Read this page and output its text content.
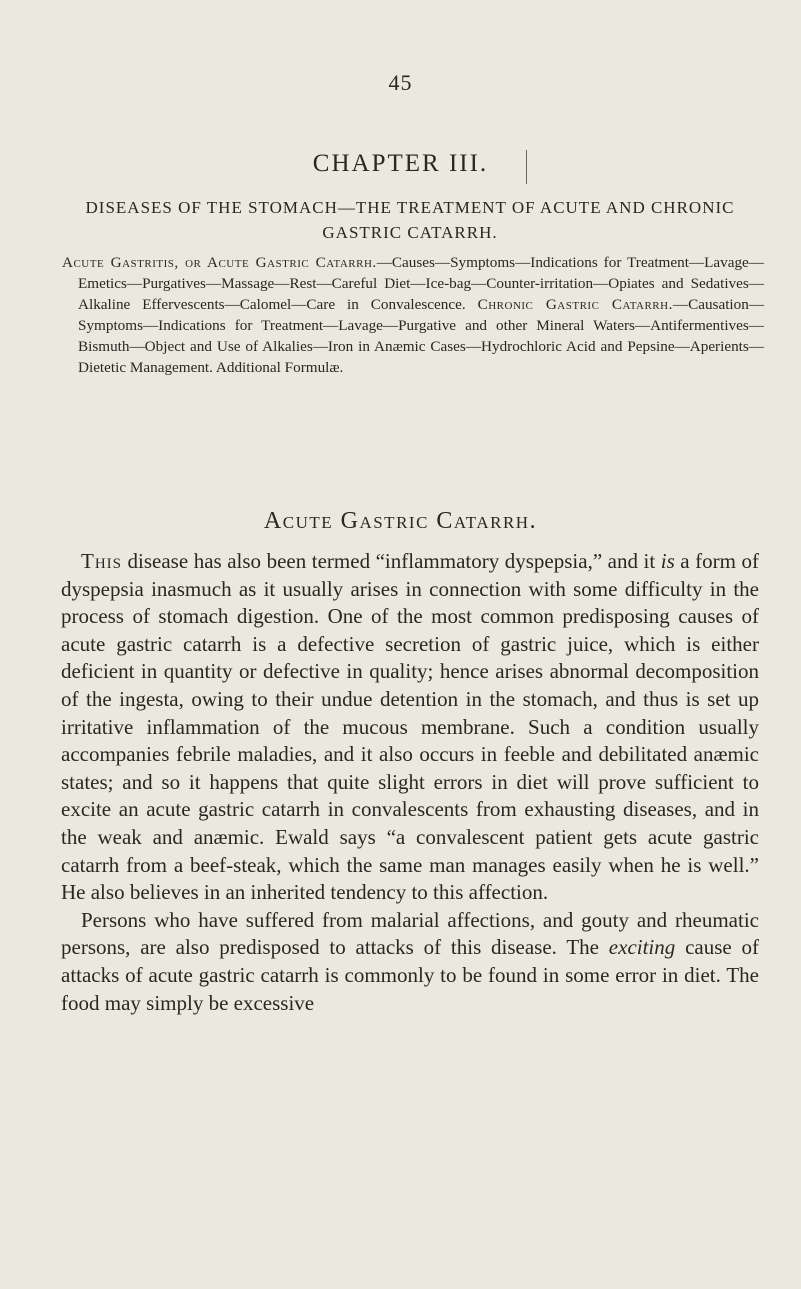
45
CHAPTER III.
DISEASES OF THE STOMACH—THE TREATMENT OF ACUTE AND CHRONIC GASTRIC CATARRH.
Acute Gastritis, or Acute Gastric Catarrh.—Causes—Symptoms—Indications for Treatment—Lavage—Emetics—Purgatives—Massage—Rest—Careful Diet—Ice-bag—Counter-irritation—Opiates and Sedatives—Alkaline Effervescents—Calomel—Care in Convalescence. Chronic Gastric Catarrh.—Causation—Symptoms—Indications for Treatment—Lavage—Purgative and other Mineral Waters—Antifermentives—Bismuth—Object and Use of Alkalies—Iron in Anæmic Cases—Hydrochloric Acid and Pepsine—Aperients—Dietetic Management. Additional Formulæ.
Acute Gastric Catarrh.

This disease has also been termed “inflammatory dyspepsia,” and it is a form of dyspepsia inasmuch as it usually arises in connection with some difficulty in the process of stomach digestion. One of the most common predisposing causes of acute gastric catarrh is a defective secretion of gastric juice, which is either deficient in quantity or defective in quality; hence arises abnormal decomposition of the ingesta, owing to their undue detention in the stomach, and thus is set up irritative inflammation of the mucous membrane. Such a condition usually accompanies febrile maladies, and it also occurs in feeble and debilitated anæmic states; and so it happens that quite slight errors in diet will prove sufficient to excite an acute gastric catarrh in convalescents from exhausting diseases, and in the weak and anæmic. Ewald says “a convalescent patient gets acute gastric catarrh from a beef-steak, which the same man manages easily when he is well.” He also believes in an inherited tendency to this affection.

Persons who have suffered from malarial affections, and gouty and rheumatic persons, are also predisposed to attacks of this disease. The exciting cause of attacks of acute gastric catarrh is commonly to be found in some error in diet. The food may simply be excessive
